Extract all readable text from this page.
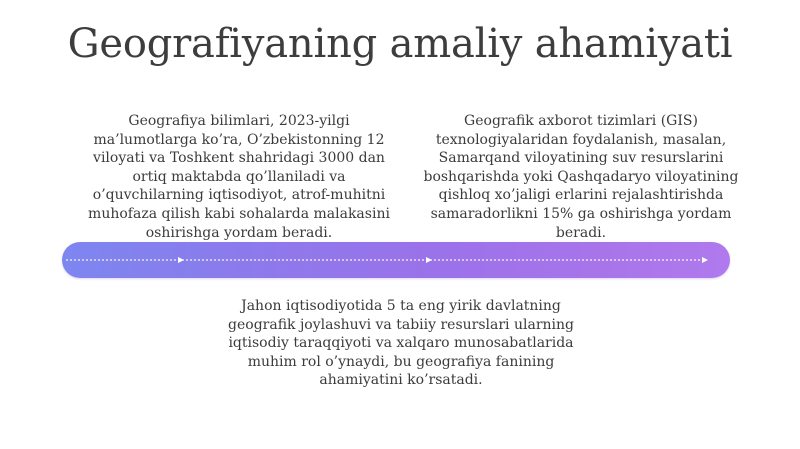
Geografiyaning amaliy ahamiyati
Geografiya bilimlari, 2023-yilgi ma’lumotlarga ko’ra, O’zbekistonning 12 viloyati va Toshkent shahridagi 3000 dan ortiq maktabda qo’llaniladi va o’quvchilarning iqtisodiyot, atrof-muhitni muhofaza qilish kabi sohalarda malakasini oshirishga yordam beradi.
Geografik axborot tizimlari (GIS) texnologiyalaridan foydalanish, masalan, Samarqand viloyatining suv resurslarini boshqarishda yoki Qashqadaryo viloyatining qishloq xo’jaligi erlarini rejalashtirishda samaradorlikni 15% ga oshirishga yordam beradi.
Jahon iqtisodiyotida 5 ta eng yirik davlatning geografik joylashuvi va tabiiy resurslari ularning iqtisodiy taraqqiyoti va xalqaro munosabatlarida muhim rol o’ynaydi, bu geografiya fanining ahamiyatini ko’rsatadi.
